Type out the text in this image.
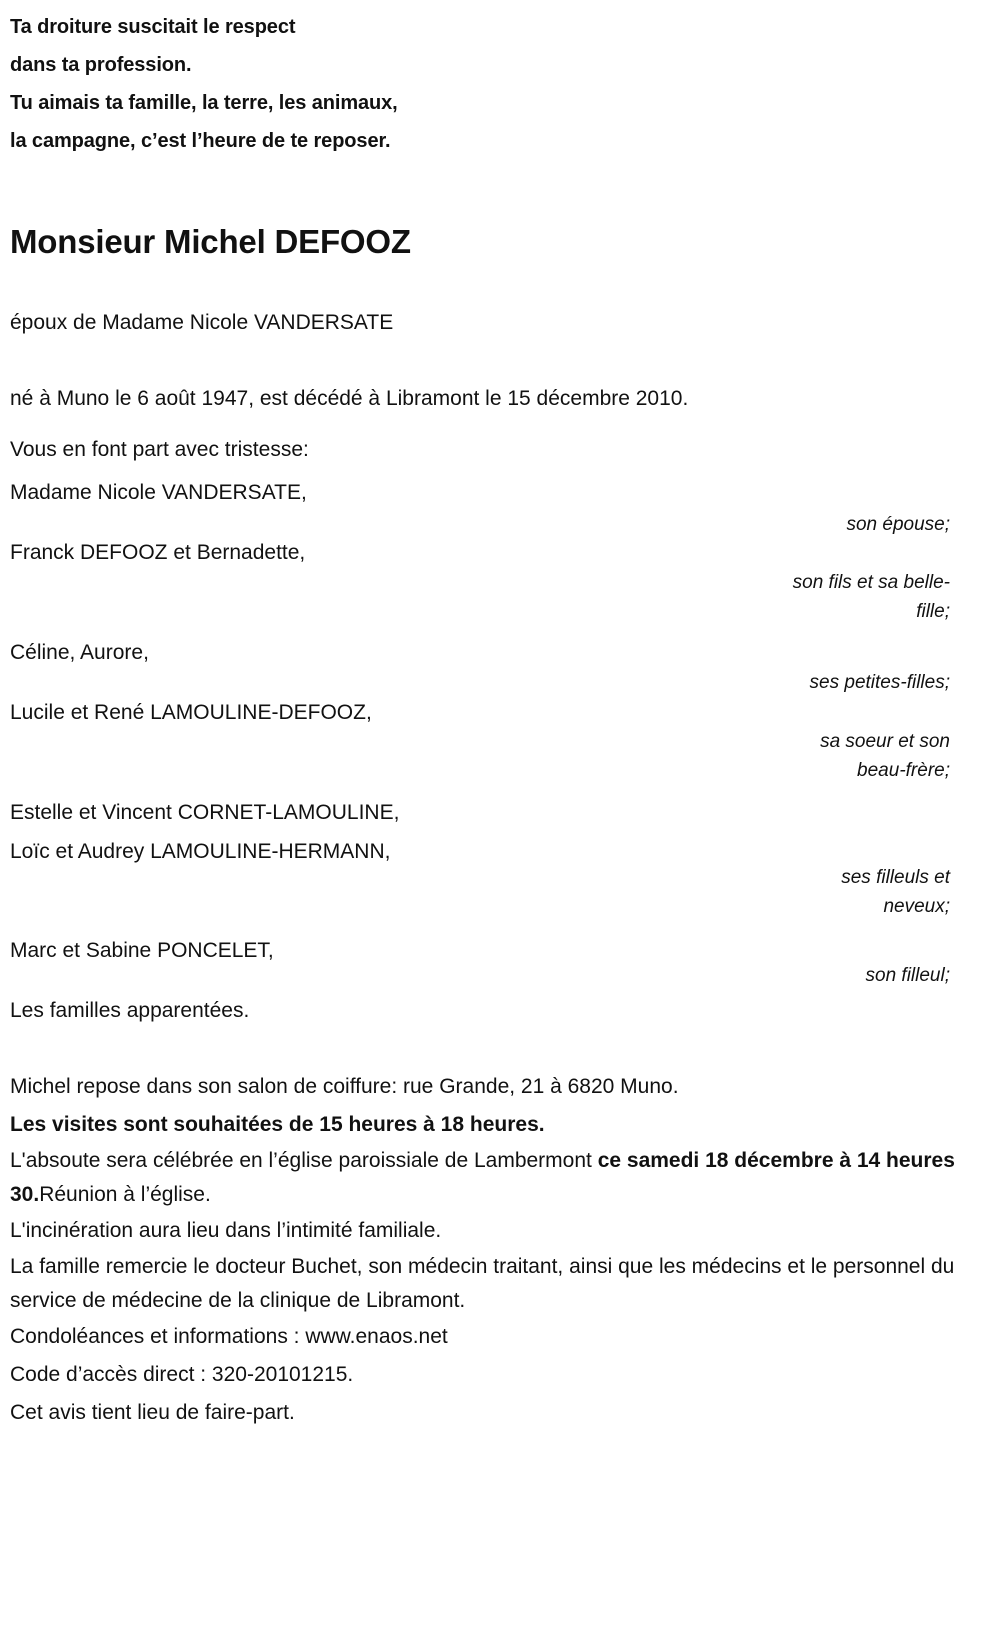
Ta droiture suscitait le respect
dans ta profession.
Tu aimais ta famille, la terre, les animaux,
la campagne, c’est l’heure de te reposer.
Monsieur Michel DEFOOZ
époux de Madame Nicole VANDERSATE
né à Muno le 6 août 1947, est décédé à Libramont le 15 décembre 2010.
Vous en font part avec tristesse:
Madame Nicole VANDERSATE,
Franck DEFOOZ et Bernadette,
Céline, Aurore,
Lucile et René LAMOULINE-DEFOOZ,
Estelle et Vincent CORNET-LAMOULINE,
Loïc et Audrey LAMOULINE-HERMANN,
Marc et Sabine PONCELET,
Les familles apparentées.
son épouse;
son fils et sa belle-
fille;
ses petites-filles;
sa soeur et son
beau-frère;
ses filleuls et
neveux;
son filleul;

Michel repose dans son salon de coiffure: rue Grande, 21 à 6820 Muno.

Les visites sont souhaitées de 15 heures à 18 heures.

L'absoute sera célébrée en l’église paroissiale de Lambermont ce samedi 18 décembre à 14 heures 30.Réunion à l’église.

L'incinération aura lieu dans l’intimité familiale.

La famille remercie le docteur Buchet, son médecin traitant, ainsi que les médecins et le personnel du service de médecine de la clinique de Libramont.

Condoléances et informations : www.enaos.net

Code d’accès direct : 320-20101215.

Cet avis tient lieu de faire-part.
